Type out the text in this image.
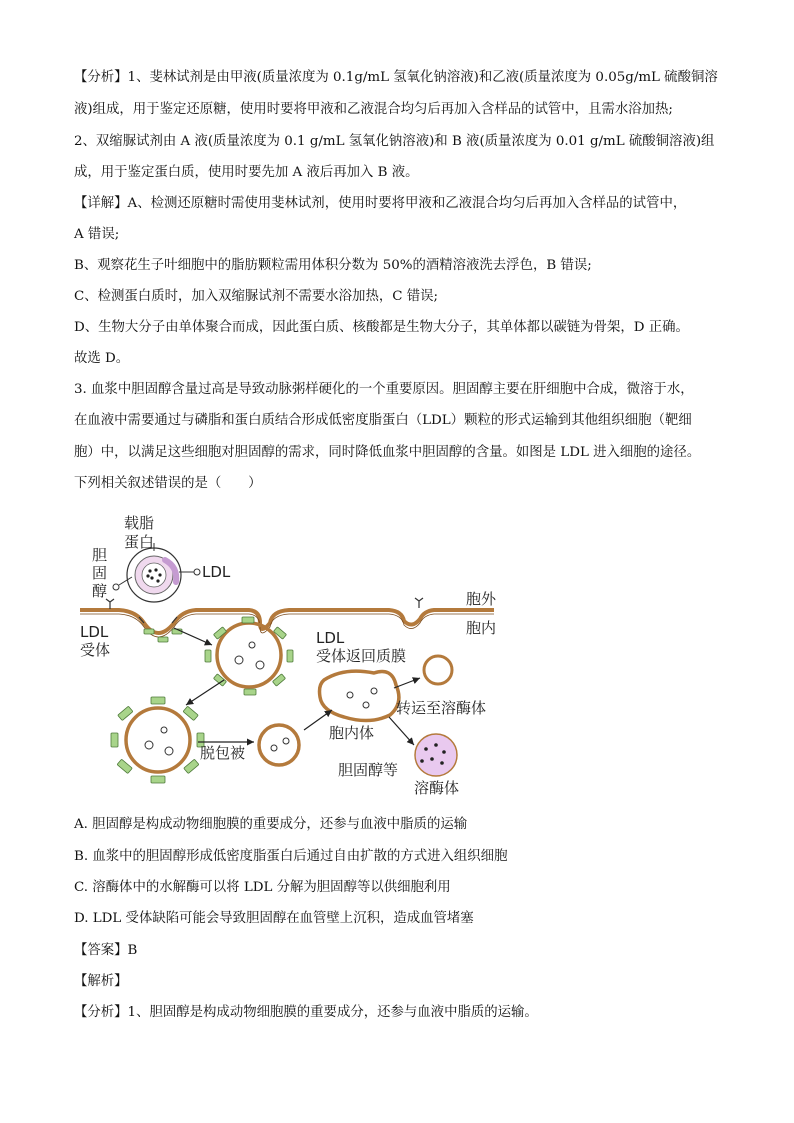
【分析】1、斐林试剂是由甲液(质量浓度为 0.1g/mL 氢氧化钠溶液)和乙液(质量浓度为 0.05g/mL 硫酸铜溶
液)组成，用于鉴定还原糖，使用时要将甲液和乙液混合均匀后再加入含样品的试管中，且需水浴加热;
2、双缩脲试剂由 A 液(质量浓度为 0.1 g/mL 氢氧化钠溶液)和 B 液(质量浓度为 0.01 g/mL 硫酸铜溶液)组
成，用于鉴定蛋白质，使用时要先加 A 液后再加入 B 液。
【详解】A、检测还原糖时需使用斐林试剂，使用时要将甲液和乙液混合均匀后再加入含样品的试管中，
A 错误;
B、观察花生子叶细胞中的脂肪颗粒需用体积分数为 50%的酒精溶液洗去浮色，B 错误;
C、检测蛋白质时，加入双缩脲试剂不需要水浴加热，C 错误;
D、生物大分子由单体聚合而成，因此蛋白质、核酸都是生物大分子，其单体都以碳链为骨架，D 正确。
故选 D。
3. 血浆中胆固醇含量过高是导致动脉粥样硬化的一个重要原因。胆固醇主要在肝细胞中合成，微溶于水，
在血液中需要通过与磷脂和蛋白质结合形成低密度脂蛋白（LDL）颗粒的形式运输到其他组织细胞（靶细
胞）中，以满足这些细胞对胆固醇的需求，同时降低血浆中胆固醇的含量。如图是 LDL 进入细胞的途径。
下列相关叙述错误的是（　　）
载脂
蛋白
胆
固
醇
LDL
LDL
受体
胞外
胞内
LDL
受体返回质膜
转运至溶酶体
胞内体
脱包被
胆固醇等
溶酶体
A. 胆固醇是构成动物细胞膜的重要成分，还参与血液中脂质的运输
B. 血浆中的胆固醇形成低密度脂蛋白后通过自由扩散的方式进入组织细胞
C. 溶酶体中的水解酶可以将 LDL 分解为胆固醇等以供细胞利用
D. LDL 受体缺陷可能会导致胆固醇在血管壁上沉积，造成血管堵塞
【答案】B
【解析】
【分析】1、胆固醇是构成动物细胞膜的重要成分，还参与血液中脂质的运输。
